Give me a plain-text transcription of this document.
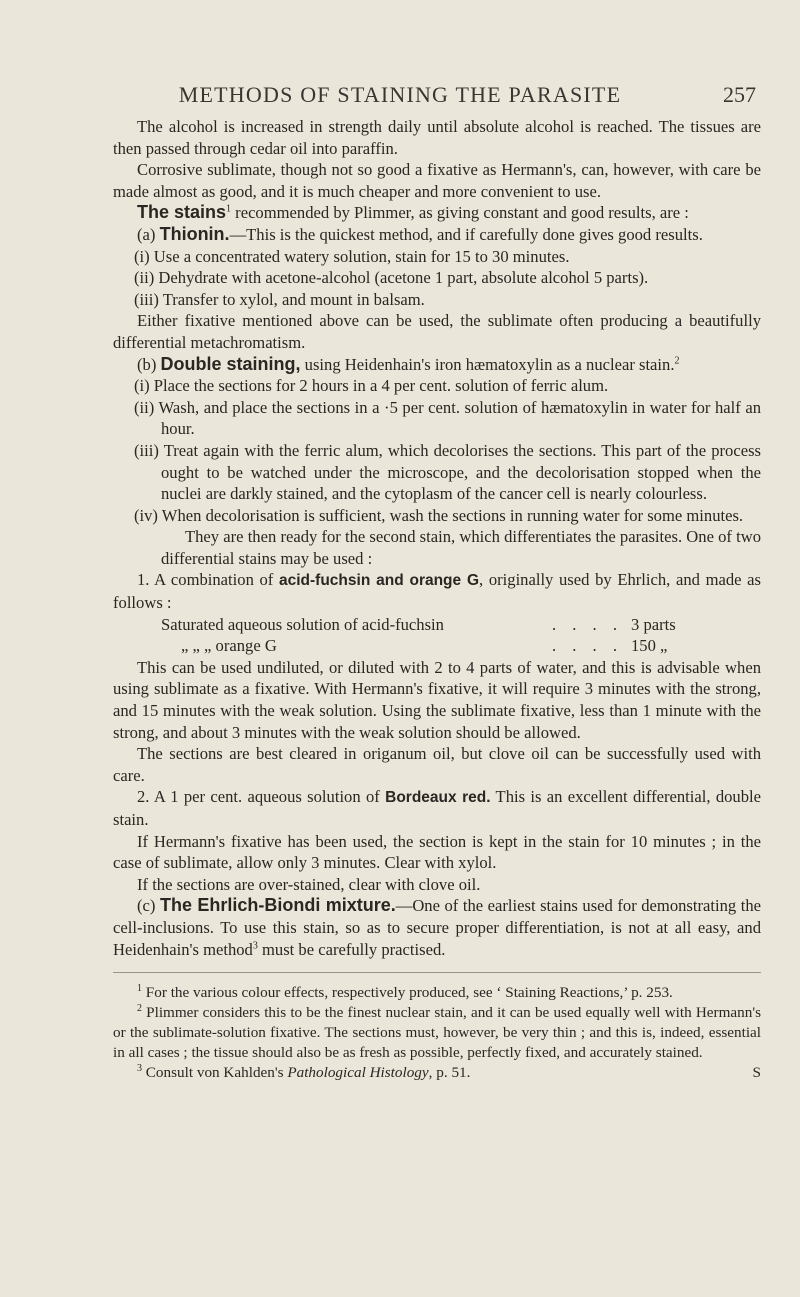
METHODS OF STAINING THE PARASITE	257

The alcohol is increased in strength daily until absolute alcohol is reached. The tissues are then passed through cedar oil into paraffin.

Corrosive sublimate, though not so good a fixative as Hermann's, can, however, with care be made almost as good, and it is much cheaper and more convenient to use.

The stains$^1$ recommended by Plimmer, as giving constant and good results, are :

(a) Thionin.—This is the quickest method, and if carefully done gives good results.

(i) Use a concentrated watery solution, stain for 15 to 30 minutes.

(ii) Dehydrate with acetone-alcohol (acetone 1 part, absolute alcohol 5 parts).

(iii) Transfer to xylol, and mount in balsam.

Either fixative mentioned above can be used, the sublimate often producing a beautifully differential metachromatism.

(b) Double staining, using Heidenhain's iron hæmatoxylin as a nuclear stain.$^2$

(i) Place the sections for 2 hours in a 4 per cent. solution of ferric alum.

(ii) Wash, and place the sections in a ·5 per cent. solution of hæmatoxylin in water for half an hour.

(iii) Treat again with the ferric alum, which decolorises the sections. This part of the process ought to be watched under the microscope, and the decolorisation stopped when the nuclei are darkly stained, and the cytoplasm of the cancer cell is nearly colourless.

(iv) When decolorisation is sufficient, wash the sections in running water for some minutes.

They are then ready for the second stain, which differentiates the parasites. One of two differential stains may be used :

1. A combination of acid-fuchsin and orange G, originally used by Ehrlich, and made as follows :

Saturated aqueous solution of acid-fuchsin	. . . . 3 parts
„ „ „ orange G	. . . . 150 „

This can be used undiluted, or diluted with 2 to 4 parts of water, and this is advisable when using sublimate as a fixative. With Hermann's fixative, it will require 3 minutes with the strong, and 15 minutes with the weak solution. Using the sublimate fixative, less than 1 minute with the strong, and about 3 minutes with the weak solution should be allowed.

The sections are best cleared in origanum oil, but clove oil can be successfully used with care.

2. A 1 per cent. aqueous solution of Bordeaux red. This is an excellent differential, double stain.

If Hermann's fixative has been used, the section is kept in the stain for 10 minutes ; in the case of sublimate, allow only 3 minutes. Clear with xylol.

If the sections are over-stained, clear with clove oil.

(c) The Ehrlich-Biondi mixture.—One of the earliest stains used for demonstrating the cell-inclusions. To use this stain, so as to secure proper differentiation, is not at all easy, and Heidenhain's method$^3$ must be carefully practised.

$^1$ For the various colour effects, respectively produced, see ‘ Staining Reactions,’ p. 253.

$^2$ Plimmer considers this to be the finest nuclear stain, and it can be used equally well with Hermann's or the sublimate-solution fixative. The sections must, however, be very thin ; and this is, indeed, essential in all cases ; the tissue should also be as fresh as possible, perfectly fixed, and accurately stained.

$^3$ Consult von Kahlden's Pathological Histology, p. 51.	S
